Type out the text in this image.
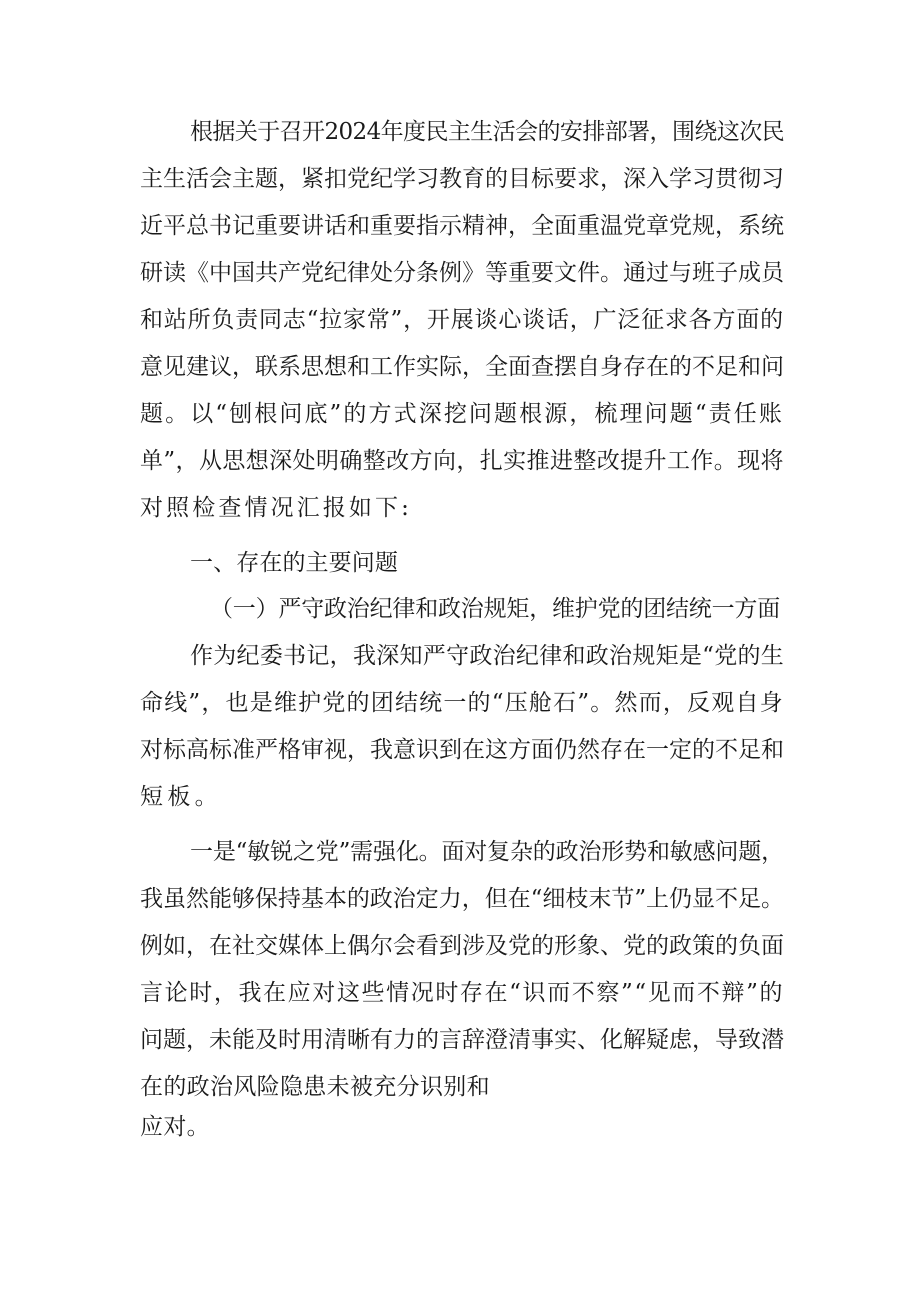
根据关于召开2024年度民主生活会的安排部署，围绕这次民
主生活会主题，紧扣党纪学习教育的目标要求，深入学习贯彻习
近平总书记重要讲话和重要指示精神，全面重温党章党规，系统
研读《中国共产党纪律处分条例》等重要文件。通过与班子成员
和站所负责同志“拉家常”，开展谈心谈话，广泛征求各方面的
意见建议，联系思想和工作实际，全面查摆自身存在的不足和问
题。以“刨根问底”的方式深挖问题根源，梳理问题“责任账
单”，从思想深处明确整改方向，扎实推进整改提升工作。现将
对照检查情况汇报如下:
一、存在的主要问题
（一）严守政治纪律和政治规矩，维护党的团结统一方面
作为纪委书记，我深知严守政治纪律和政治规矩是“党的生
命线”，也是维护党的团结统一的“压舱石”。然而，反观自身
对标高标准严格审视，我意识到在这方面仍然存在一定的不足和
短板。
一是“敏锐之党”需强化。面对复杂的政治形势和敏感问题，
我虽然能够保持基本的政治定力，但在“细枝末节”上仍显不足。
例如，在社交媒体上偶尔会看到涉及党的形象、党的政策的负面
言论时，我在应对这些情况时存在“识而不察”“见而不辩”的
问题，未能及时用清晰有力的言辞澄清事实、化解疑虑，导致潜
在的政治风险隐患未被充分识别和
应对。
